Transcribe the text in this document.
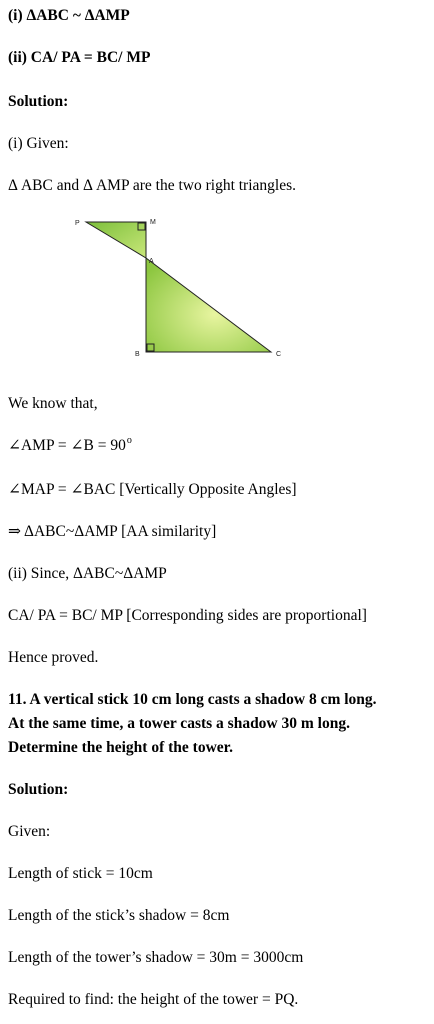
(i) ΔABC ~ ΔAMP
(ii) CA/ PA = BC/ MP
Solution:
(i) Given:
Δ ABC and Δ AMP are the two right triangles.
P	M
A
B	C
We know that,
∠AMP = ∠B = $90^o$
∠MAP = ∠BAC [Vertically Opposite Angles]
⇒ ΔABC~ΔAMP [AA similarity]
(ii) Since, ΔABC~ΔAMP
CA/ PA = BC/ MP [Corresponding sides are proportional]
Hence proved.
11. A vertical stick 10 cm long casts a shadow 8 cm long.
At the same time, a tower casts a shadow 30 m long.
Determine the height of the tower.
Solution:
Given:
Length of stick = 10cm
Length of the stick’s shadow = 8cm
Length of the tower’s shadow = 30m = 3000cm
Required to find: the height of the tower = PQ.
